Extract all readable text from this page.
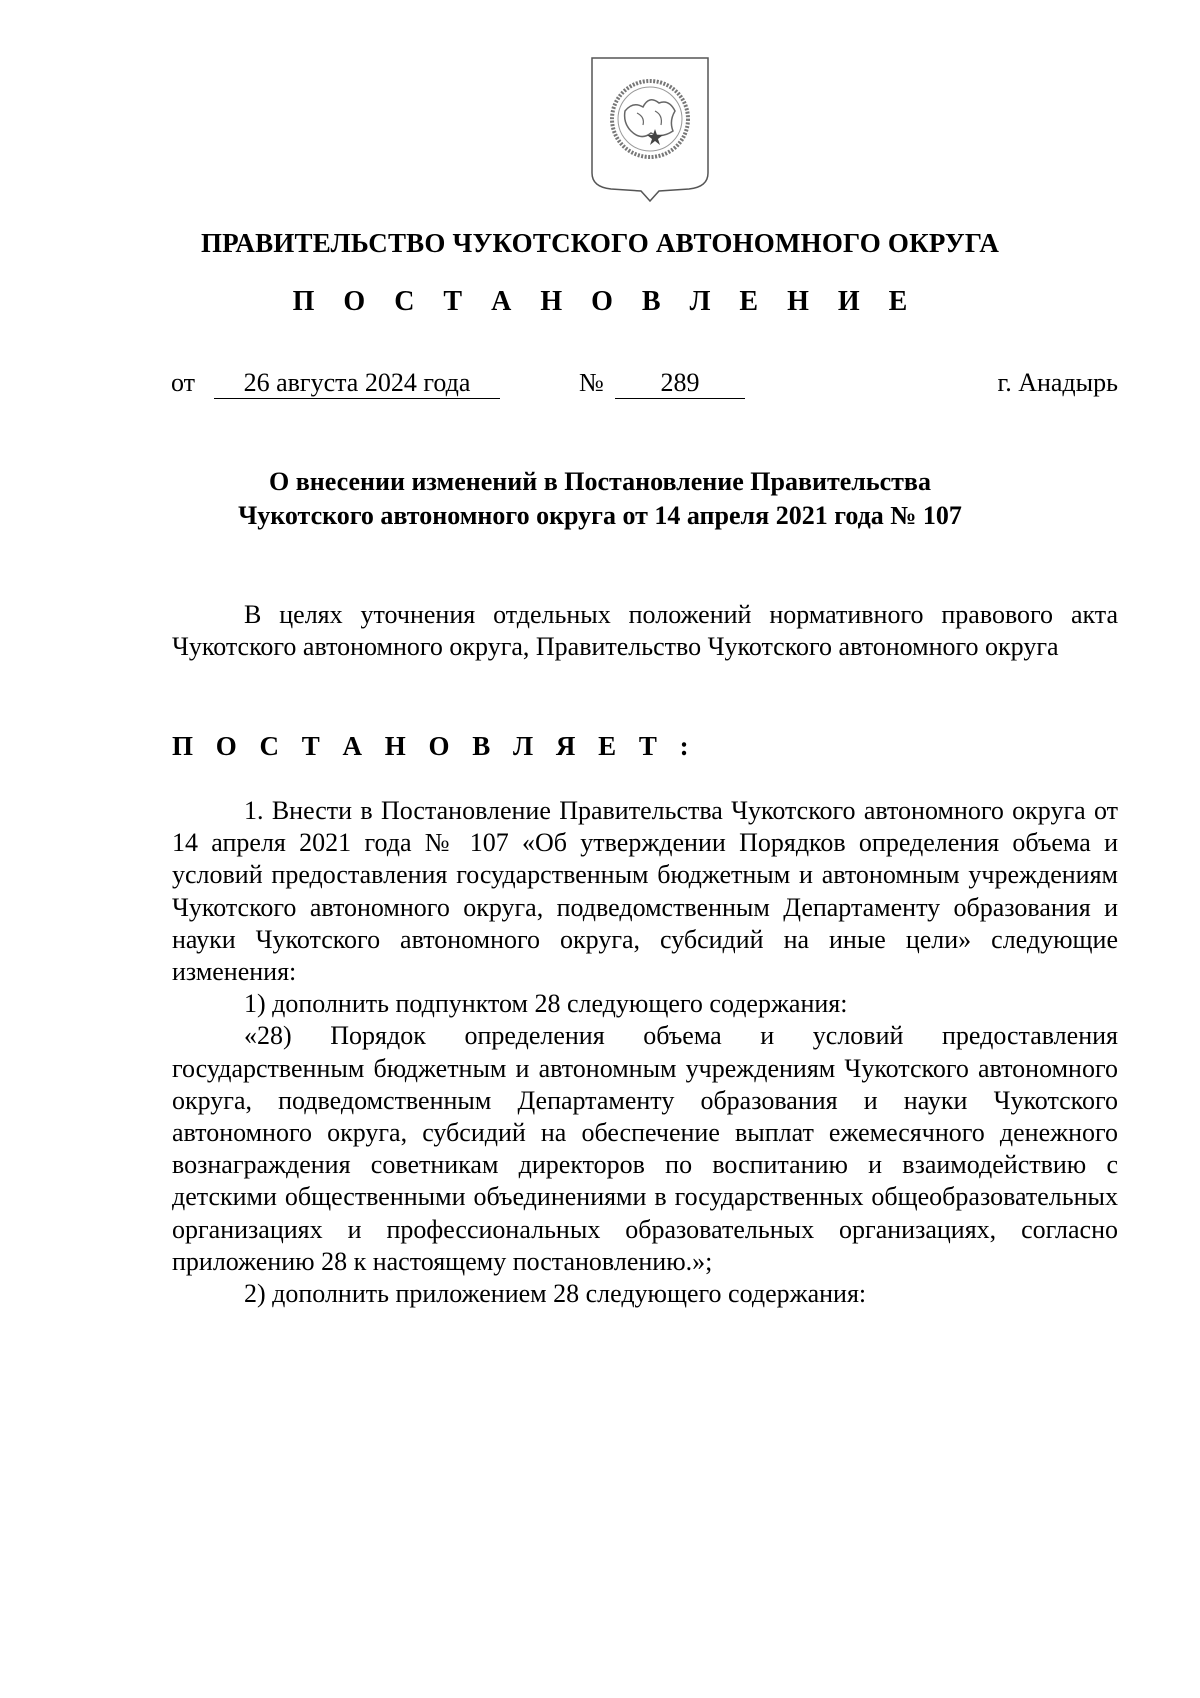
ПРАВИТЕЛЬСТВО ЧУКОТСКОГО АВТОНОМНОГО ОКРУГА
П О С Т А Н О В Л Е Н И Е
от	26 августа 2024 года	№	289	г. Анадырь
О внесении изменений в Постановление Правительства
Чукотского автономного округа от 14 апреля 2021 года № 107

В целях уточнения отдельных положений нормативного правового акта Чукотского автономного округа, Правительство Чукотского автономного округа

П О С Т А Н О В Л Я Е Т :

1. Внести в Постановление Правительства Чукотского автономного округа от 14 апреля 2021 года № 107 «Об утверждении Порядков определения объема и условий предоставления государственным бюджетным и автономным учреждениям Чукотского автономного округа, подведомственным Департаменту образования и науки Чукотского автономного округа, субсидий на иные цели» следующие изменения:

1) дополнить подпунктом 28 следующего содержания:

«28) Порядок определения объема и условий предоставления государственным бюджетным и автономным учреждениям Чукотского автономного округа, подведомственным Департаменту образования и науки Чукотского автономного округа, субсидий на обеспечение выплат ежемесячного денежного вознаграждения советникам директоров по воспитанию и взаимодействию с детскими общественными объединениями в государственных общеобразовательных организациях и профессиональных образовательных организациях, согласно приложению 28 к настоящему постановлению.»;

2) дополнить приложением 28 следующего содержания:
